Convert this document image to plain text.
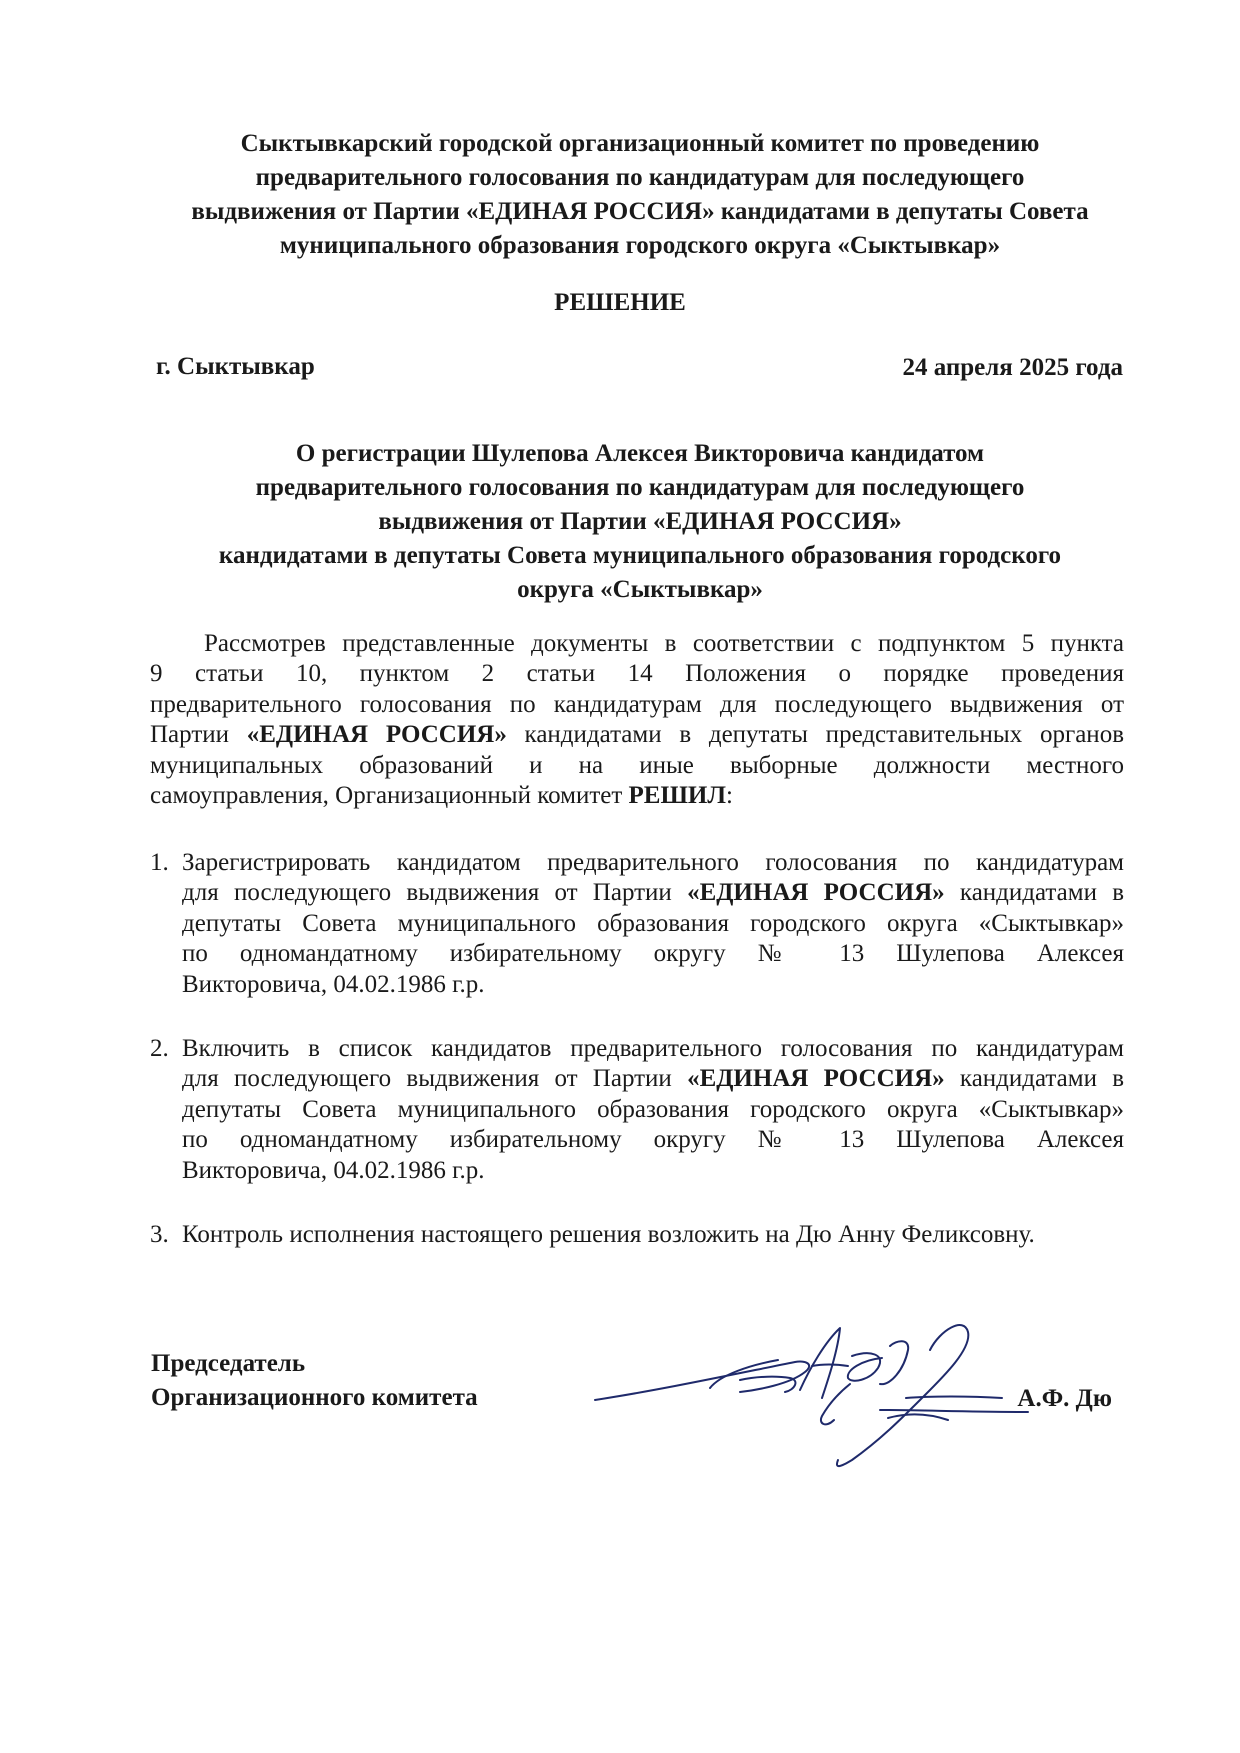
Сыктывкарский городской организационный комитет по проведению
предварительного голосования по кандидатурам для последующего
выдвижения от Партии «ЕДИНАЯ РОССИЯ» кандидатами в депутаты Совета
муниципального образования городского округа «Сыктывкар»
РЕШЕНИЕ
г. Сыктывкар	24 апреля 2025 года
О регистрации Шулепова Алексея Викторовича кандидатом
предварительного голосования по кандидатурам для последующего
выдвижения от Партии «ЕДИНАЯ РОССИЯ»
кандидатами в депутаты Совета муниципального образования городского
округа «Сыктывкар»
Рассмотрев представленные документы в соответствии с подпунктом 5 пункта
9 статьи 10, пунктом 2 статьи 14 Положения о порядке проведения
предварительного голосования по кандидатурам для последующего выдвижения от
Партии «ЕДИНАЯ РОССИЯ» кандидатами в депутаты представительных органов
муниципальных образований и на иные выборные должности местного
самоуправления, Организационный комитет РЕШИЛ:
1. Зарегистрировать кандидатом предварительного голосования по кандидатурам
для последующего выдвижения от Партии «ЕДИНАЯ РОССИЯ» кандидатами в
депутаты Совета муниципального образования городского округа «Сыктывкар»
по одномандатному избирательному округу № 13 Шулепова Алексея
Викторовича, 04.02.1986 г.р.
2. Включить в список кандидатов предварительного голосования по кандидатурам
для последующего выдвижения от Партии «ЕДИНАЯ РОССИЯ» кандидатами в
депутаты Совета муниципального образования городского округа «Сыктывкар»
по одномандатному избирательному округу № 13 Шулепова Алексея
Викторовича, 04.02.1986 г.р.
3. Контроль исполнения настоящего решения возложить на Дю Анну Феликсовну.
Председатель
Организационного комитета	А.Ф. Дю
